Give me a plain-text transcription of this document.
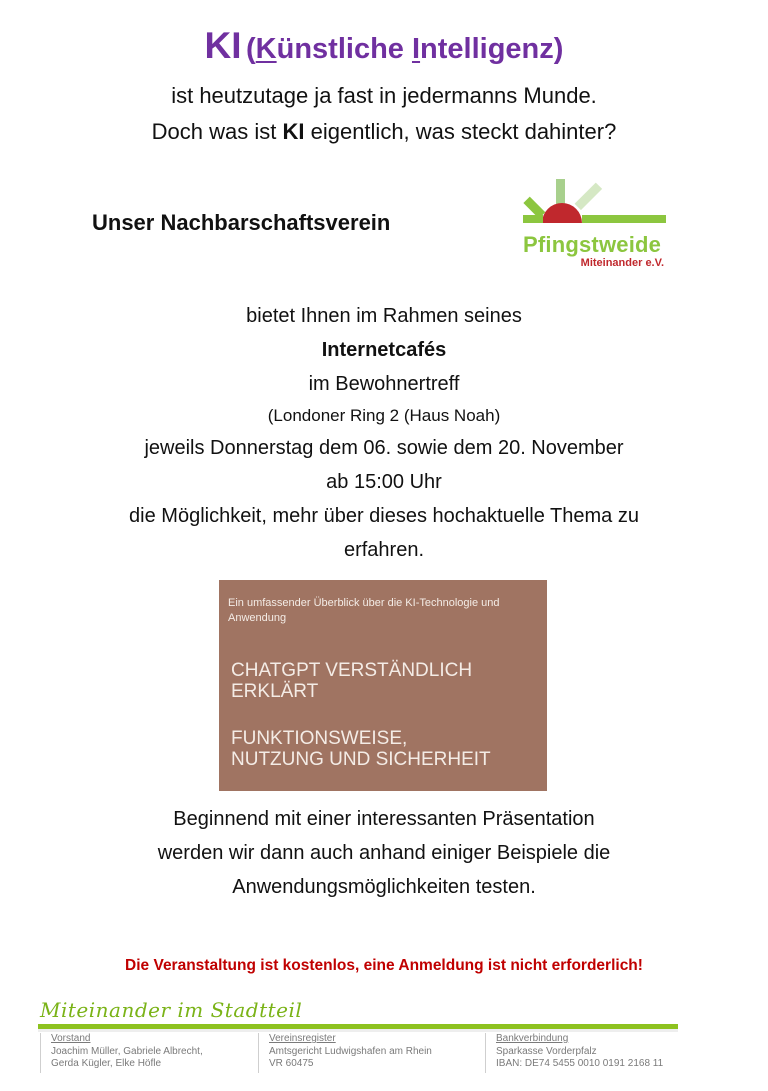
KI (Künstliche Intelligenz)
ist heutzutage ja fast in jedermanns Munde.
Doch was ist KI eigentlich, was steckt dahinter?
Unser Nachbarschaftsverein
Pfingstweide
Miteinander e.V.
bietet Ihnen im Rahmen seines
Internetcafés
im Bewohnertreff
(Londoner Ring 2 (Haus Noah)
jeweils Donnerstag dem 06. sowie dem 20. November
ab 15:00 Uhr
die Möglichkeit, mehr über dieses hochaktuelle Thema zu
erfahren.
Ein umfassender Überblick über die KI-Technologie und Anwendung
CHATGPT VERSTÄNDLICH
ERKLÄRT
FUNKTIONSWEISE,
NUTZUNG UND SICHERHEIT
Beginnend mit einer interessanten Präsentation
werden wir dann auch anhand einiger Beispiele die
Anwendungsmöglichkeiten testen.
Die Veranstaltung ist kostenlos, eine Anmeldung ist nicht erforderlich!
Miteinander im Stadtteil
Vorstand
Joachim Müller, Gabriele Albrecht,
Gerda Kügler, Elke Höfle
Vereinsregister
Amtsgericht Ludwigshafen am Rhein
VR 60475
Bankverbindung
Sparkasse Vorderpfalz
IBAN: DE74 5455 0010 0191 2168 11
